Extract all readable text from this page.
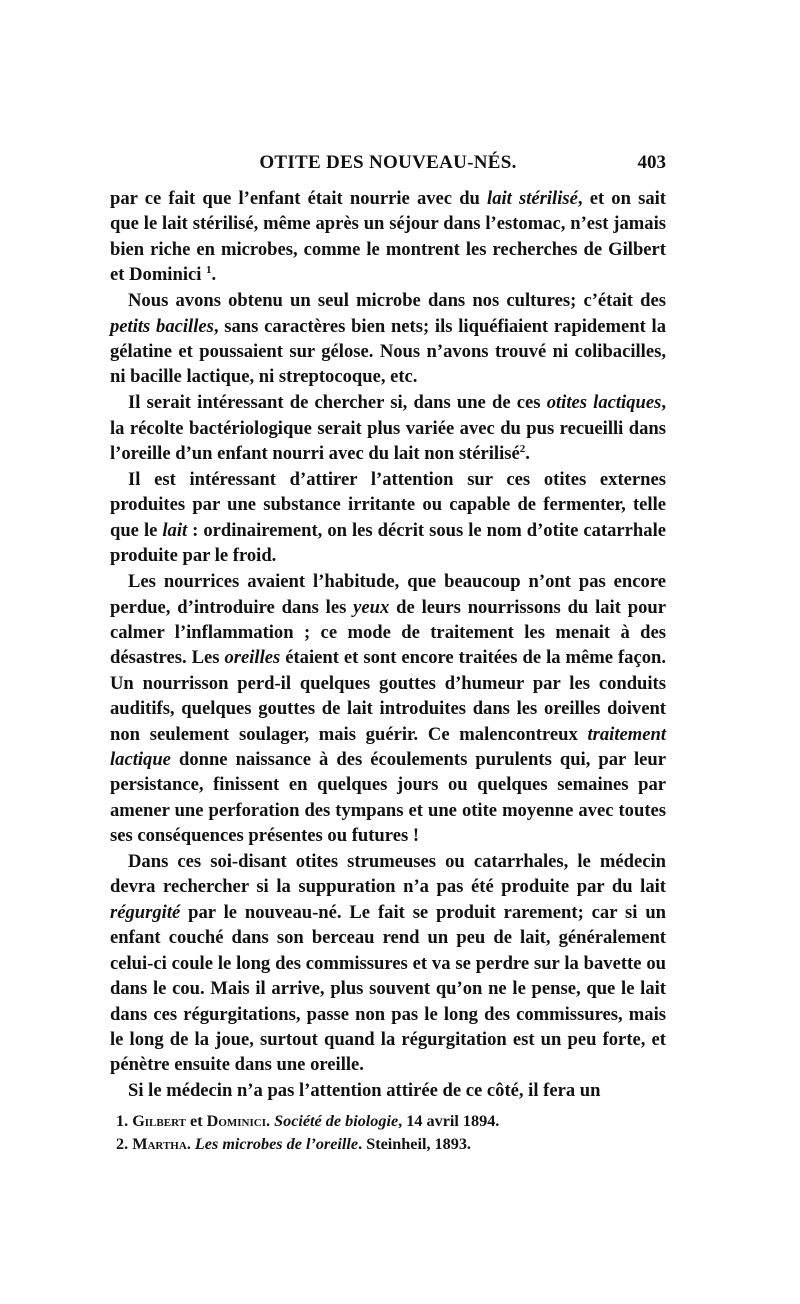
OTITE DES NOUVEAU-NÉS.	403

par ce fait que l’enfant était nourrie avec du lait stérilisé, et on sait que le lait stérilisé, même après un séjour dans l’estomac, n’est jamais bien riche en microbes, comme le montrent les recherches de Gilbert et Dominici $^1$.

Nous avons obtenu un seul microbe dans nos cultures; c’était des petits bacilles, sans caractères bien nets; ils liquéfiaient rapidement la gélatine et poussaient sur gélose. Nous n’avons trouvé ni colibacilles, ni bacille lactique, ni streptocoque, etc.

Il serait intéressant de chercher si, dans une de ces otites lactiques, la récolte bactériologique serait plus variée avec du pus recueilli dans l’oreille d’un enfant nourri avec du lait non stérilisé$^2$.

Il est intéressant d’attirer l’attention sur ces otites externes produites par une substance irritante ou capable de fermenter, telle que le lait : ordinairement, on les décrit sous le nom d’otite catarrhale produite par le froid.

Les nourrices avaient l’habitude, que beaucoup n’ont pas encore perdue, d’introduire dans les yeux de leurs nourrissons du lait pour calmer l’inflammation ; ce mode de traitement les menait à des désastres. Les oreilles étaient et sont encore traitées de la même façon. Un nourrisson perd-il quelques gouttes d’humeur par les conduits auditifs, quelques gouttes de lait introduites dans les oreilles doivent non seulement soulager, mais guérir. Ce malencontreux traitement lactique donne naissance à des écoulements purulents qui, par leur persistance, finissent en quelques jours ou quelques semaines par amener une perforation des tympans et une otite moyenne avec toutes ses conséquences présentes ou futures !

Dans ces soi-disant otites strumeuses ou catarrhales, le médecin devra rechercher si la suppuration n’a pas été produite par du lait régurgité par le nouveau-né. Le fait se produit rarement; car si un enfant couché dans son berceau rend un peu de lait, généralement celui-ci coule le long des commissures et va se perdre sur la bavette ou dans le cou. Mais il arrive, plus souvent qu’on ne le pense, que le lait dans ces régurgitations, passe non pas le long des commissures, mais le long de la joue, surtout quand la régurgitation est un peu forte, et pénètre ensuite dans une oreille.

Si le médecin n’a pas l’attention attirée de ce côté, il fera un

1. Gilbert et Dominici. Société de biologie, 14 avril 1894.

2. Martha. Les microbes de l’oreille. Steinheil, 1893.
